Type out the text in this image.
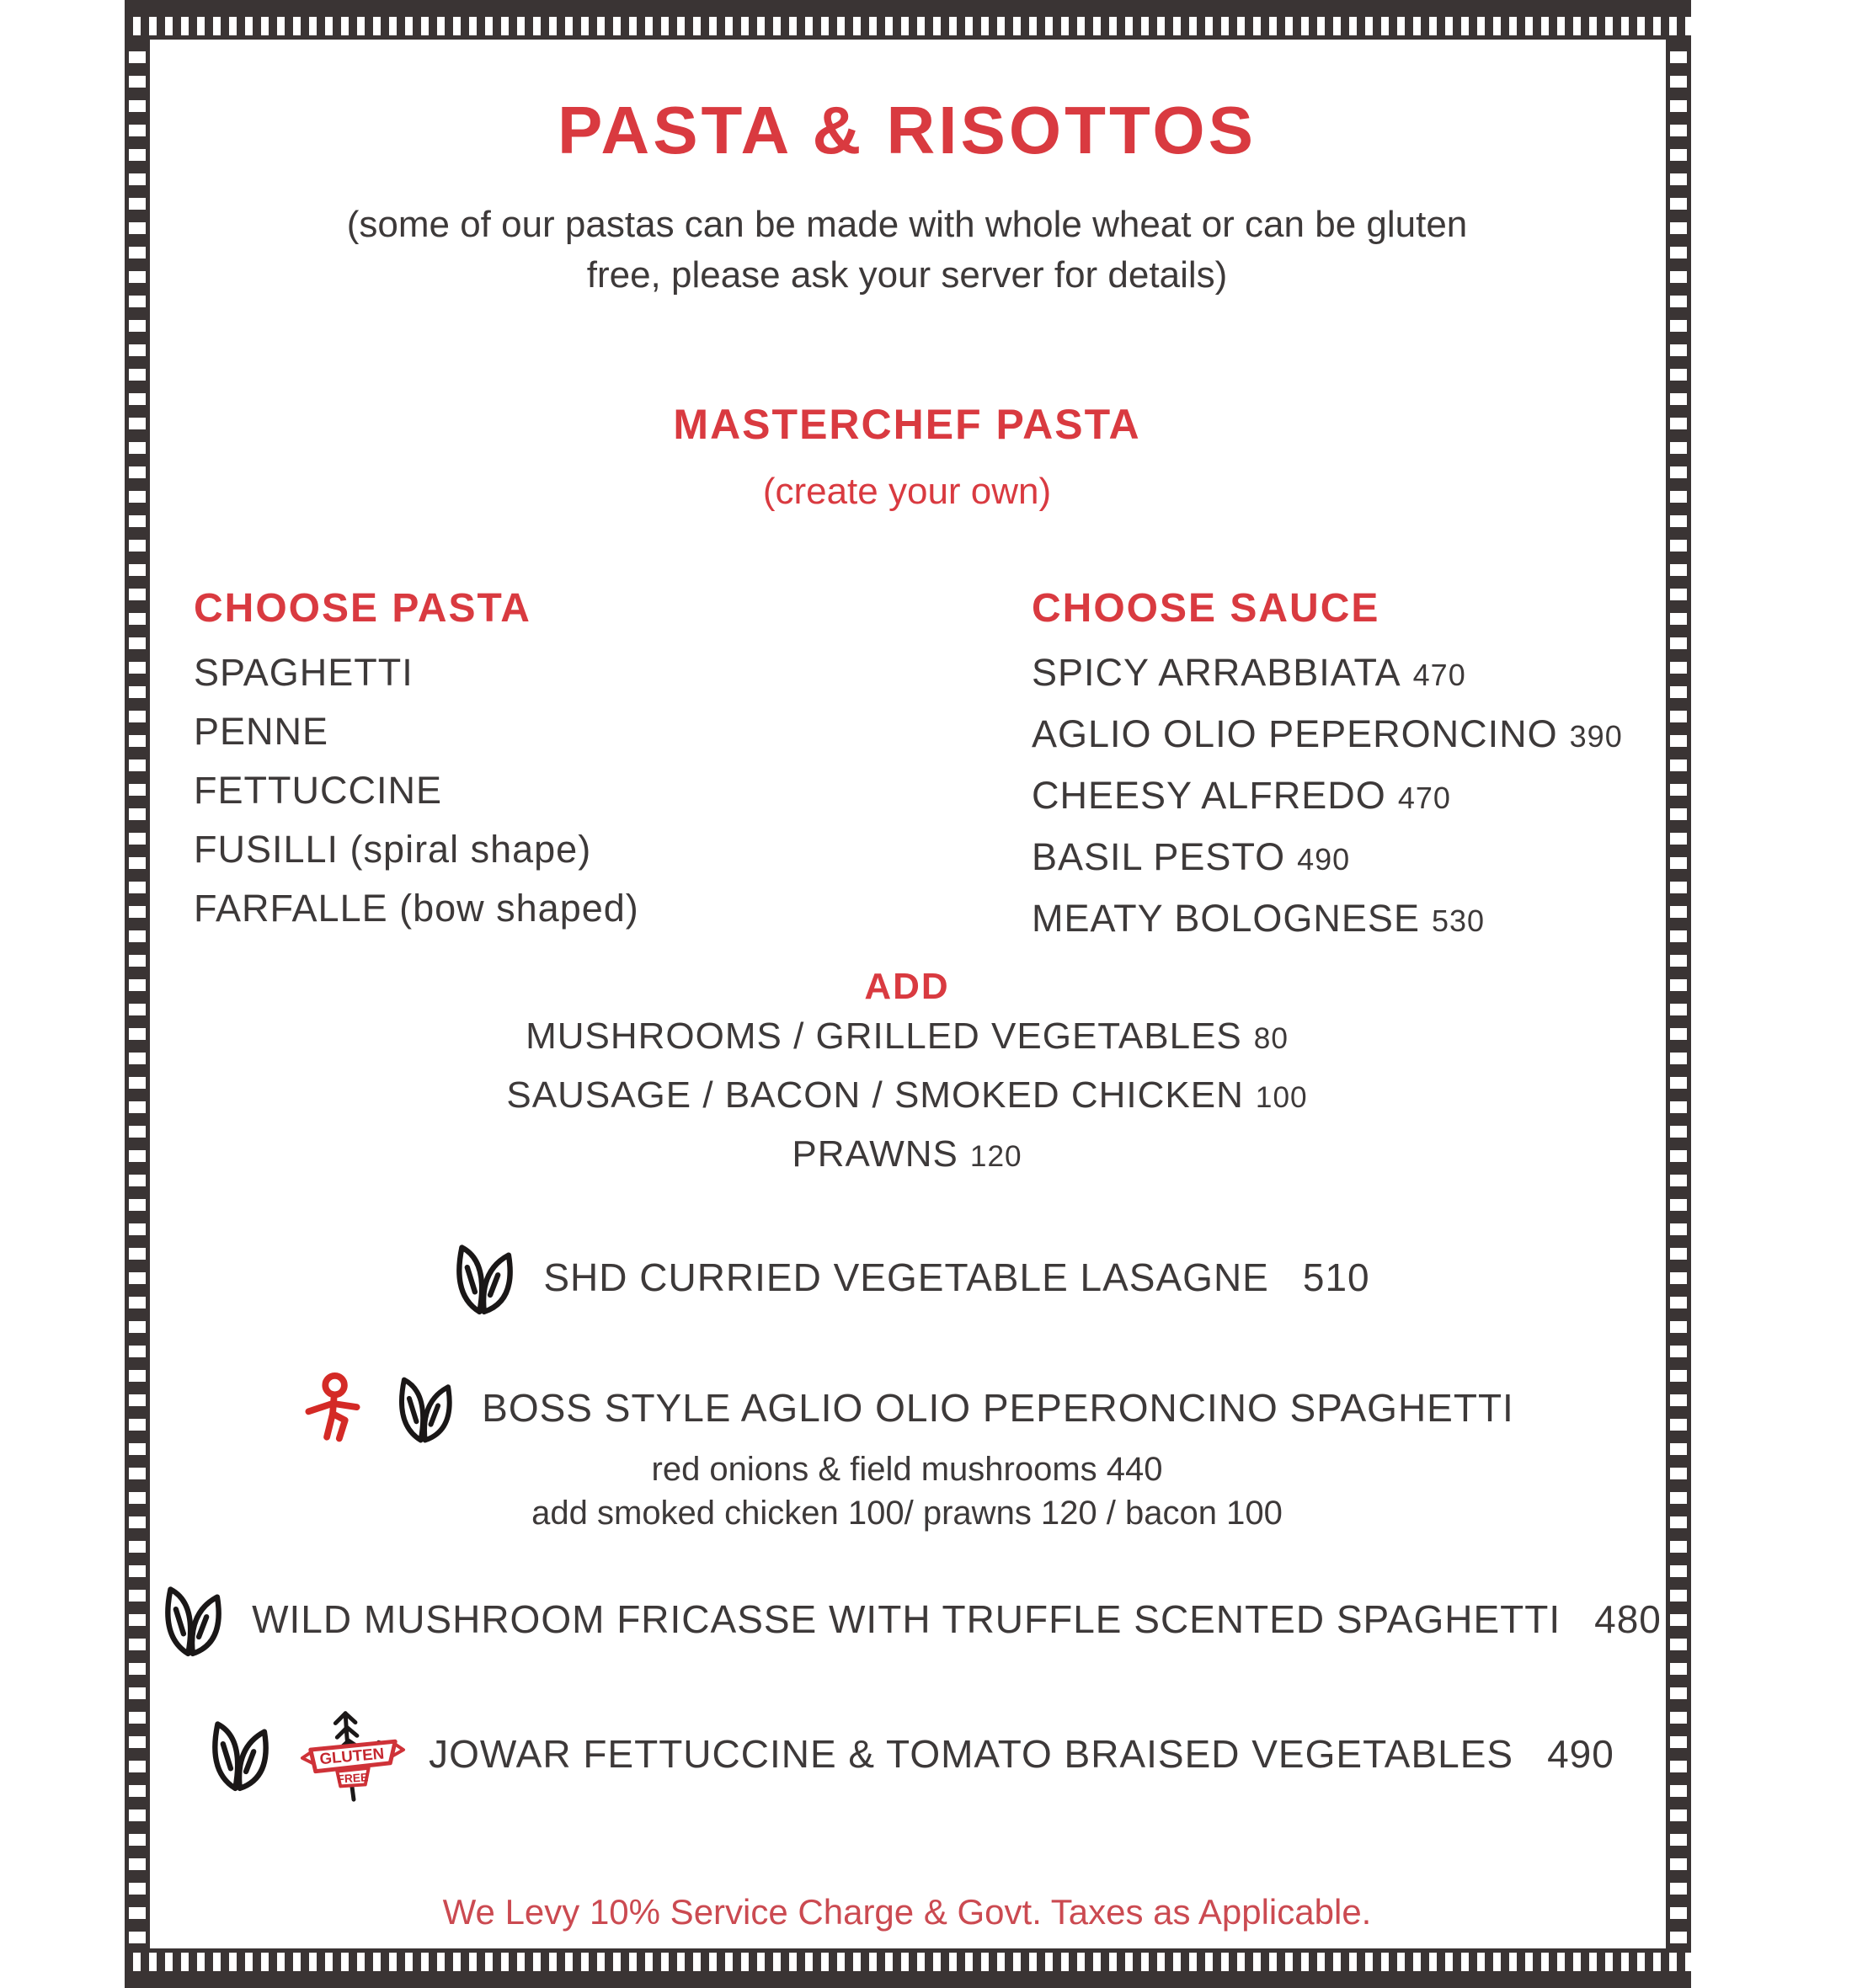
PASTA & RISOTTOS
(some of our pastas can be made with whole wheat or can be gluten
free, please ask your server for details)
MASTERCHEF PASTA
(create your own)
CHOOSE PASTA
SPAGHETTI
PENNE
FETTUCCINE
FUSILLI (spiral shape)
FARFALLE (bow shaped)
CHOOSE SAUCE
SPICY ARRABBIATA 470
AGLIO OLIO PEPERONCINO 390
CHEESY ALFREDO 470
BASIL PESTO 490
MEATY BOLOGNESE 530
ADD
MUSHROOMS / GRILLED VEGETABLES 80
SAUSAGE / BACON / SMOKED CHICKEN 100
PRAWNS 120
SHD CURRIED VEGETABLE LASAGNE 510
BOSS STYLE AGLIO OLIO PEPERONCINO SPAGHETTI
red onions & field mushrooms 440
add smoked chicken 100/ prawns 120 / bacon 100
WILD MUSHROOM FRICASSE WITH TRUFFLE SCENTED SPAGHETTI 480
GLUTEN
FREE
JOWAR FETTUCCINE & TOMATO BRAISED VEGETABLES 490
We Levy 10% Service Charge & Govt. Taxes as Applicable.
